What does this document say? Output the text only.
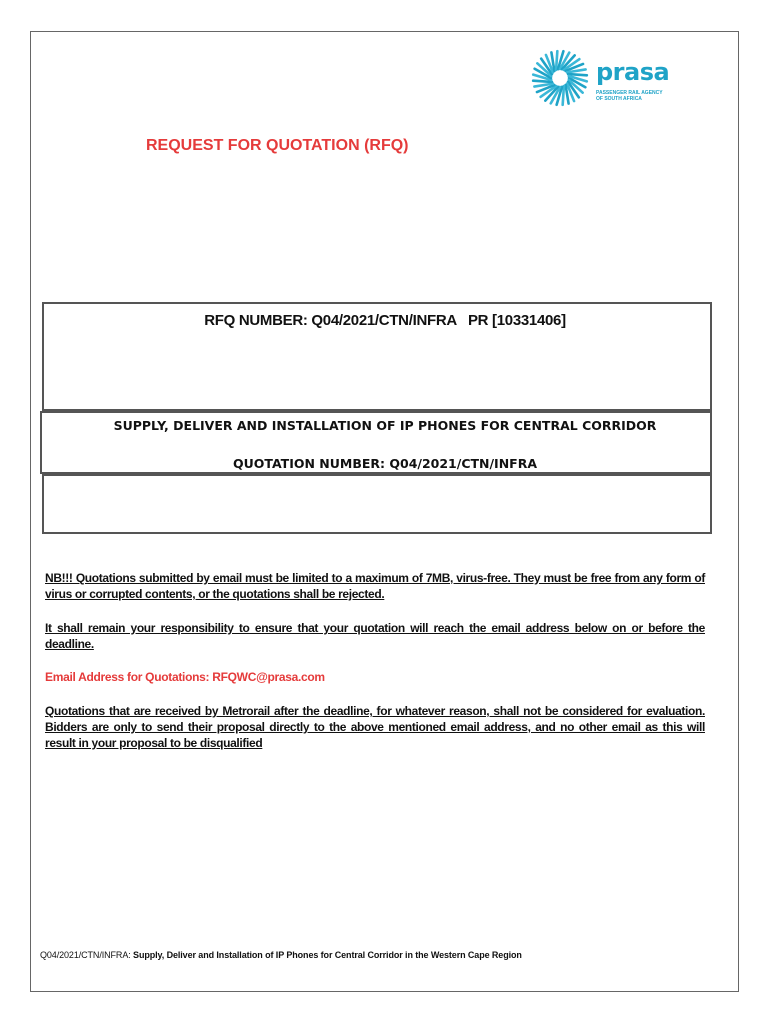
prasa
PASSENGER RAIL AGENCY
OF SOUTH AFRICA
REQUEST FOR QUOTATION (RFQ)
RFQ NUMBER: Q04/2021/CTN/INFRA   PR [10331406]
SUPPLY, DELIVER AND INSTALLATION OF IP PHONES FOR CENTRAL CORRIDOR
QUOTATION NUMBER: Q04/2021/CTN/INFRA
NB!!! Quotations submitted by email must be limited to a maximum of 7MB, virus-free. They must be free from any form of virus or corrupted contents, or the quotations shall be rejected.
It shall remain your responsibility to ensure that your quotation will reach the email address below on or before the deadline.
Email Address for Quotations: RFQWC@prasa.com
Quotations that are received by Metrorail after the deadline, for whatever reason, shall not be considered for evaluation. Bidders are only to send their proposal directly to the above mentioned email address, and no other email as this will result in your proposal to be disqualified
Q04/2021/CTN/INFRA: Supply, Deliver and Installation of IP Phones for Central Corridor in the Western Cape Region
